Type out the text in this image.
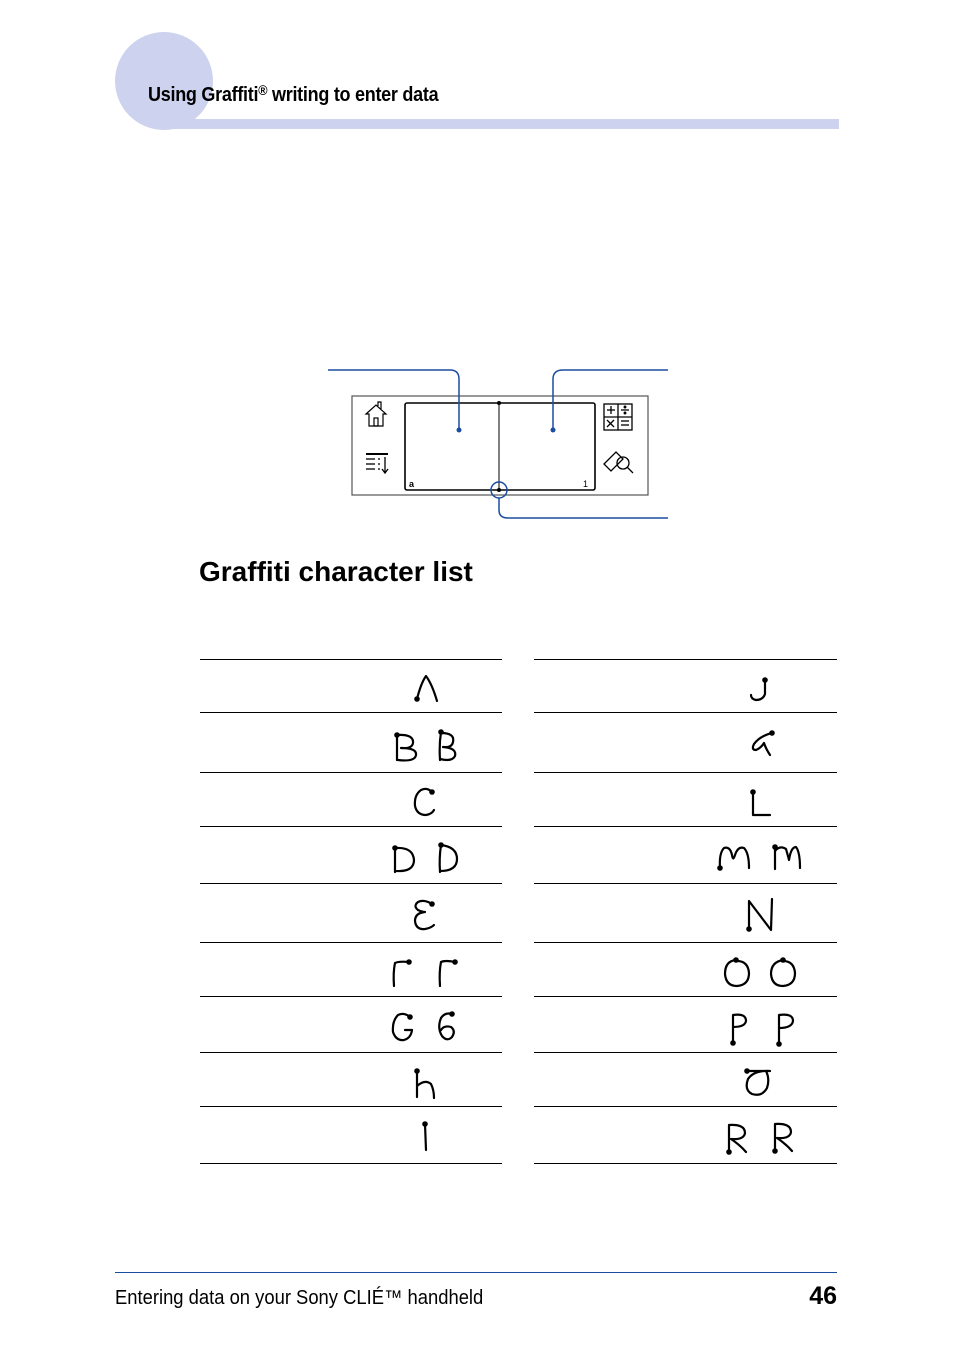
Using Graffiti® writing to enter data
a	1
Graffiti character list
Entering data on your Sony CLIÉ™ handheld	46
